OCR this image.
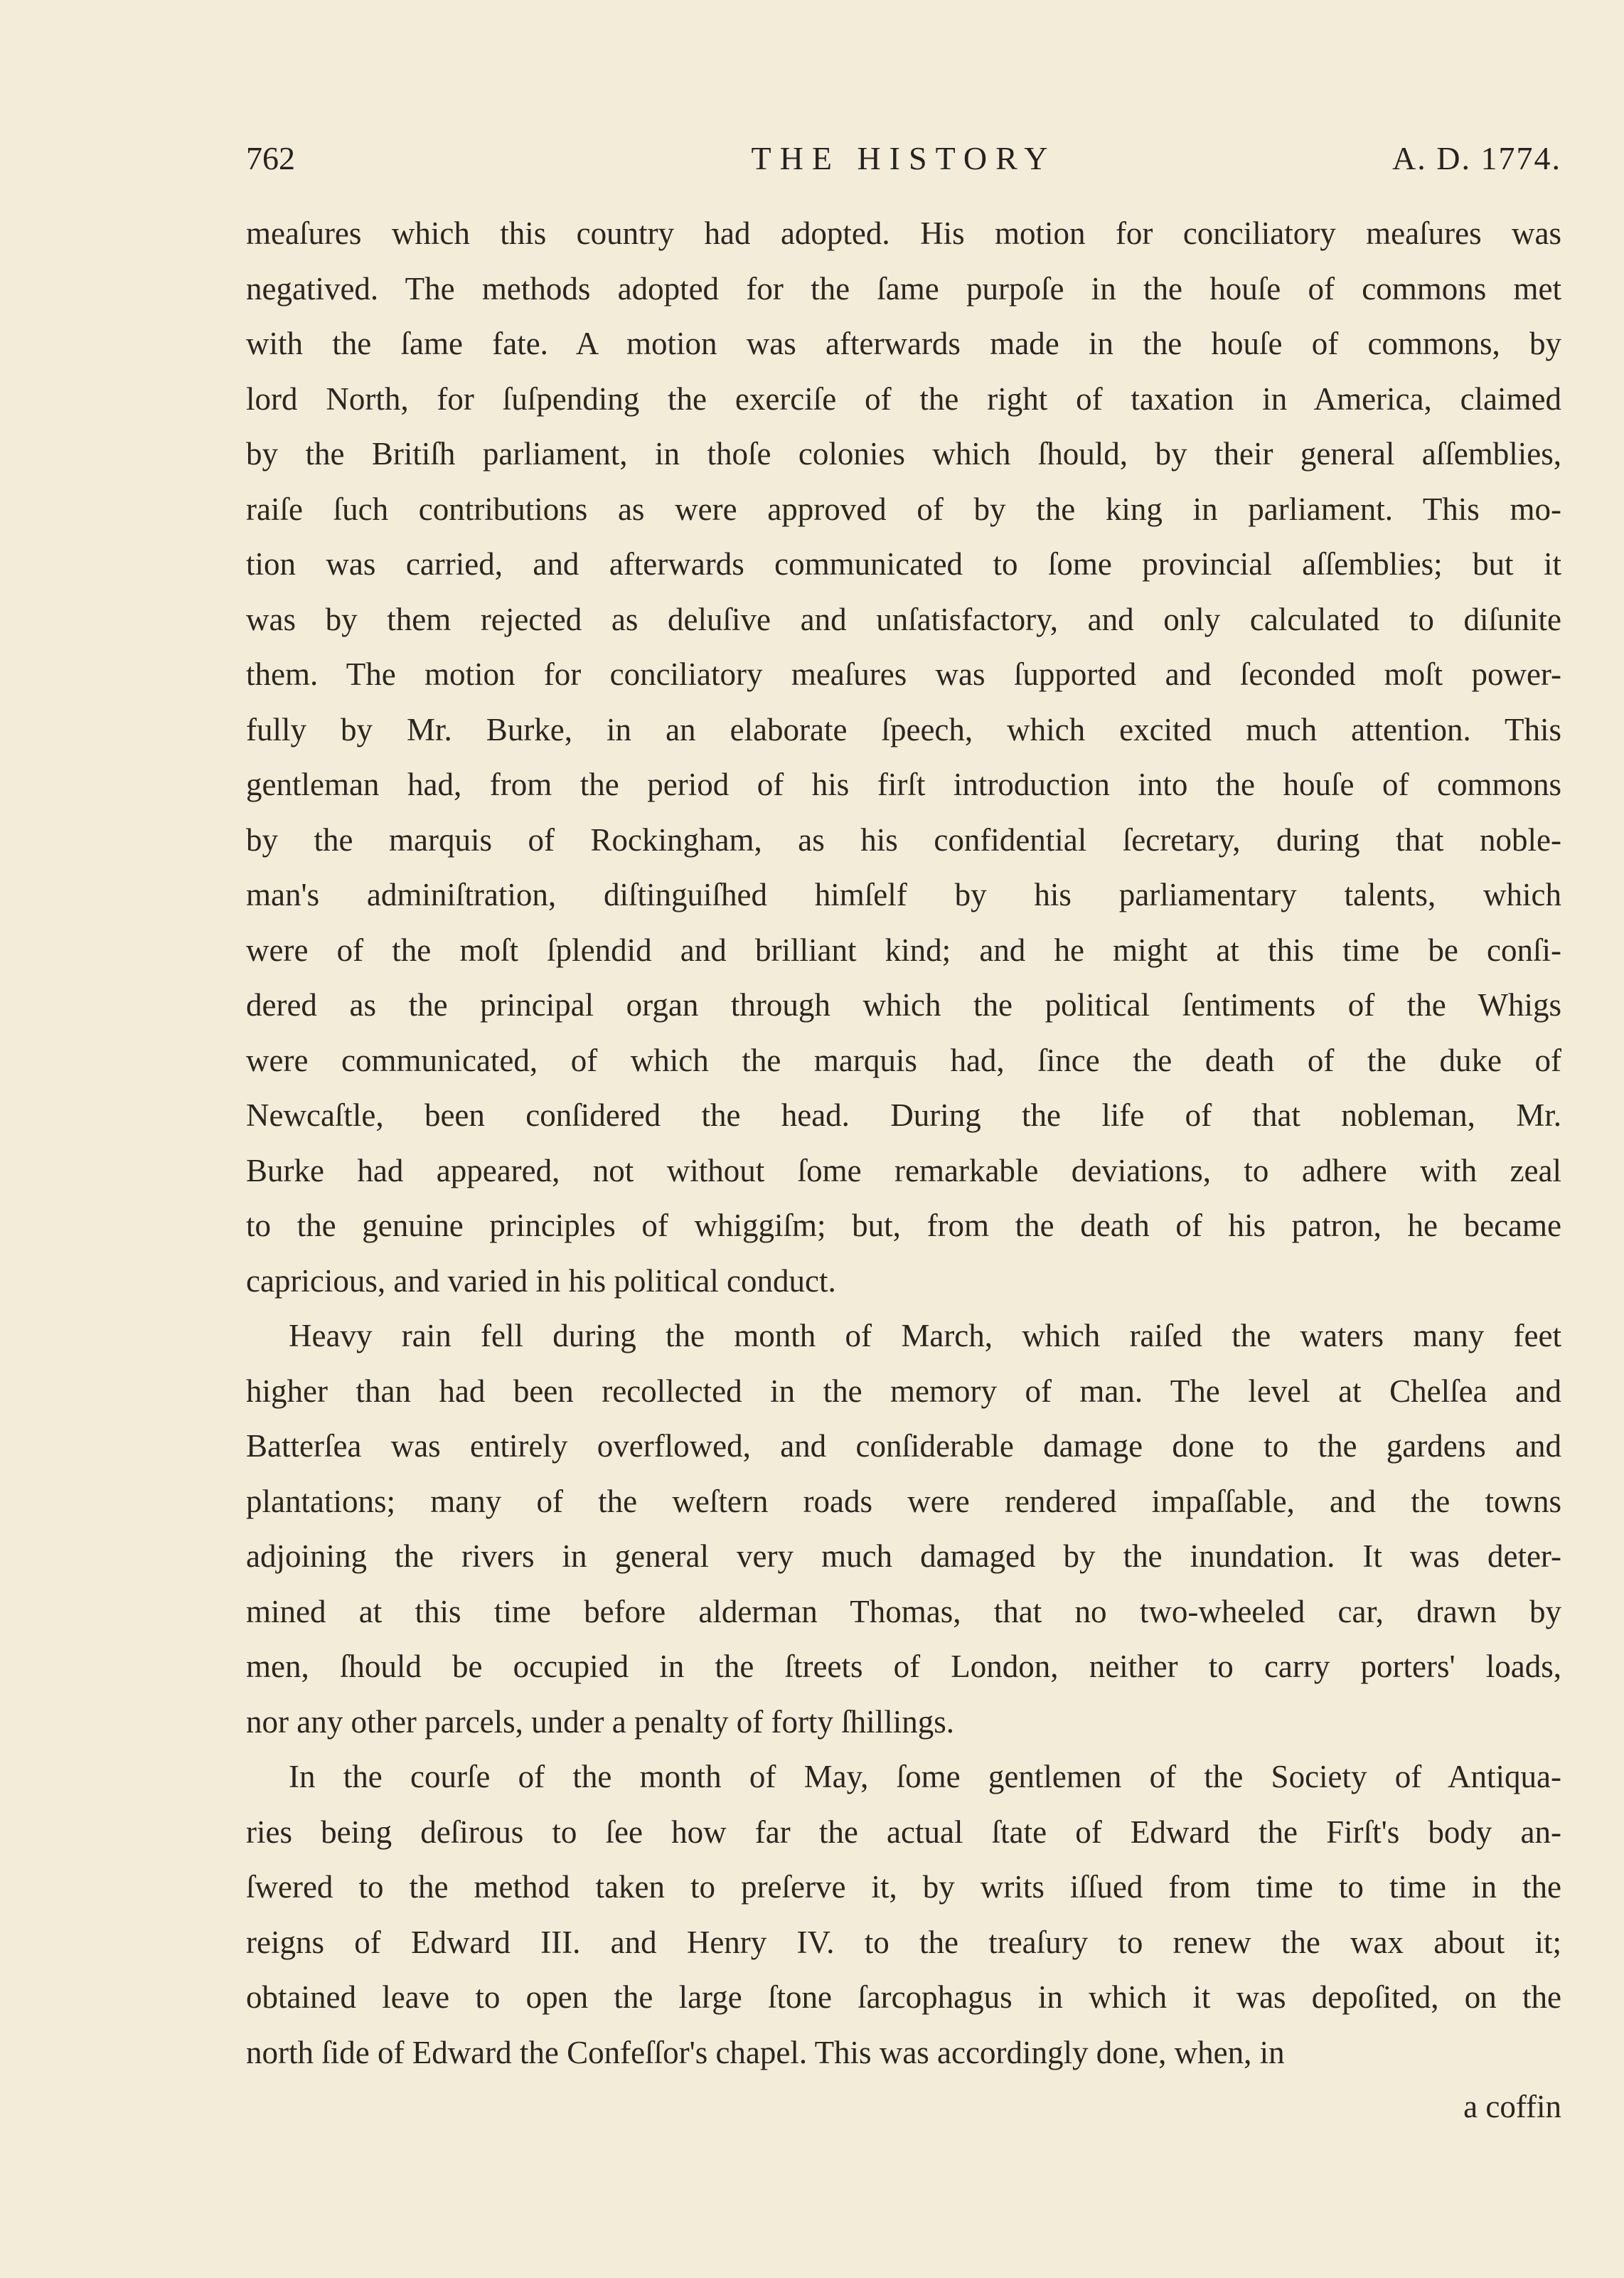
762	THE HISTORY	A. D. 1774.
meaſures which this country had adopted. His motion for conciliatory meaſures was
negatived. The methods adopted for the ſame purpoſe in the houſe of commons met
with the ſame fate. A motion was afterwards made in the houſe of commons, by
lord North, for ſuſpending the exerciſe of the right of taxation in America, claimed
by the Britiſh parliament, in thoſe colonies which ſhould, by their general aſſemblies,
raiſe ſuch contributions as were approved of by the king in parliament. This mo-
tion was carried, and afterwards communicated to ſome provincial aſſemblies; but it
was by them rejected as deluſive and unſatisfactory, and only calculated to diſunite
them. The motion for conciliatory meaſures was ſupported and ſeconded moſt power-
fully by Mr. Burke, in an elaborate ſpeech, which excited much attention. This
gentleman had, from the period of his firſt introduction into the houſe of commons
by the marquis of Rockingham, as his confidential ſecretary, during that noble-
man's adminiſtration, diſtinguiſhed himſelf by his parliamentary talents, which
were of the moſt ſplendid and brilliant kind; and he might at this time be conſi-
dered as the principal organ through which the political ſentiments of the Whigs
were communicated, of which the marquis had, ſince the death of the duke of
Newcaſtle, been conſidered the head. During the life of that nobleman, Mr.
Burke had appeared, not without ſome remarkable deviations, to adhere with zeal
to the genuine principles of whiggiſm; but, from the death of his patron, he became
capricious, and varied in his political conduct.
Heavy rain fell during the month of March, which raiſed the waters many feet
higher than had been recollected in the memory of man. The level at Chelſea and
Batterſea was entirely overflowed, and conſiderable damage done to the gardens and
plantations; many of the weſtern roads were rendered impaſſable, and the towns
adjoining the rivers in general very much damaged by the inundation. It was deter-
mined at this time before alderman Thomas, that no two-wheeled car, drawn by
men, ſhould be occupied in the ſtreets of London, neither to carry porters' loads,
nor any other parcels, under a penalty of forty ſhillings.
In the courſe of the month of May, ſome gentlemen of the Society of Antiqua-
ries being deſirous to ſee how far the actual ſtate of Edward the Firſt's body an-
ſwered to the method taken to preſerve it, by writs iſſued from time to time in the
reigns of Edward III. and Henry IV. to the treaſury to renew the wax about it;
obtained leave to open the large ſtone ſarcophagus in which it was depoſited, on the
north ſide of Edward the Confeſſor's chapel. This was accordingly done, when, in
a coffin
